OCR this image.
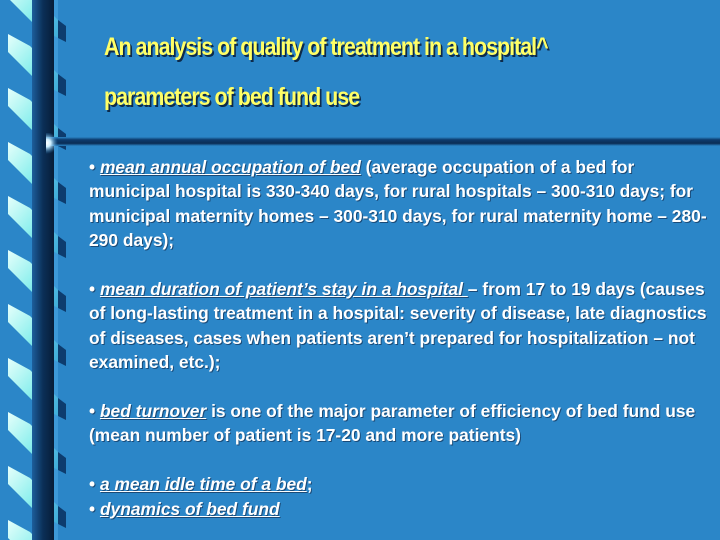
An analysis of quality of treatment in a hospital^
parameters of bed fund use

• mean annual occupation of bed (average occupation of a bed for municipal hospital is 330-340 days, for rural hospitals – 300-310 days; for municipal maternity homes – 300-310 days, for rural maternity home – 280-290 days);

• mean duration of patient’s stay in a hospital – from 17 to 19 days (causes of long-lasting treatment in a hospital: severity of disease, late diagnostics of diseases, cases when patients aren’t prepared for hospitalization – not examined, etc.);

• bed turnover is one of the major parameter of efficiency of bed fund use (mean number of patient is 17-20 and more patients)

• a mean idle time of a bed;

• dynamics of bed fund
